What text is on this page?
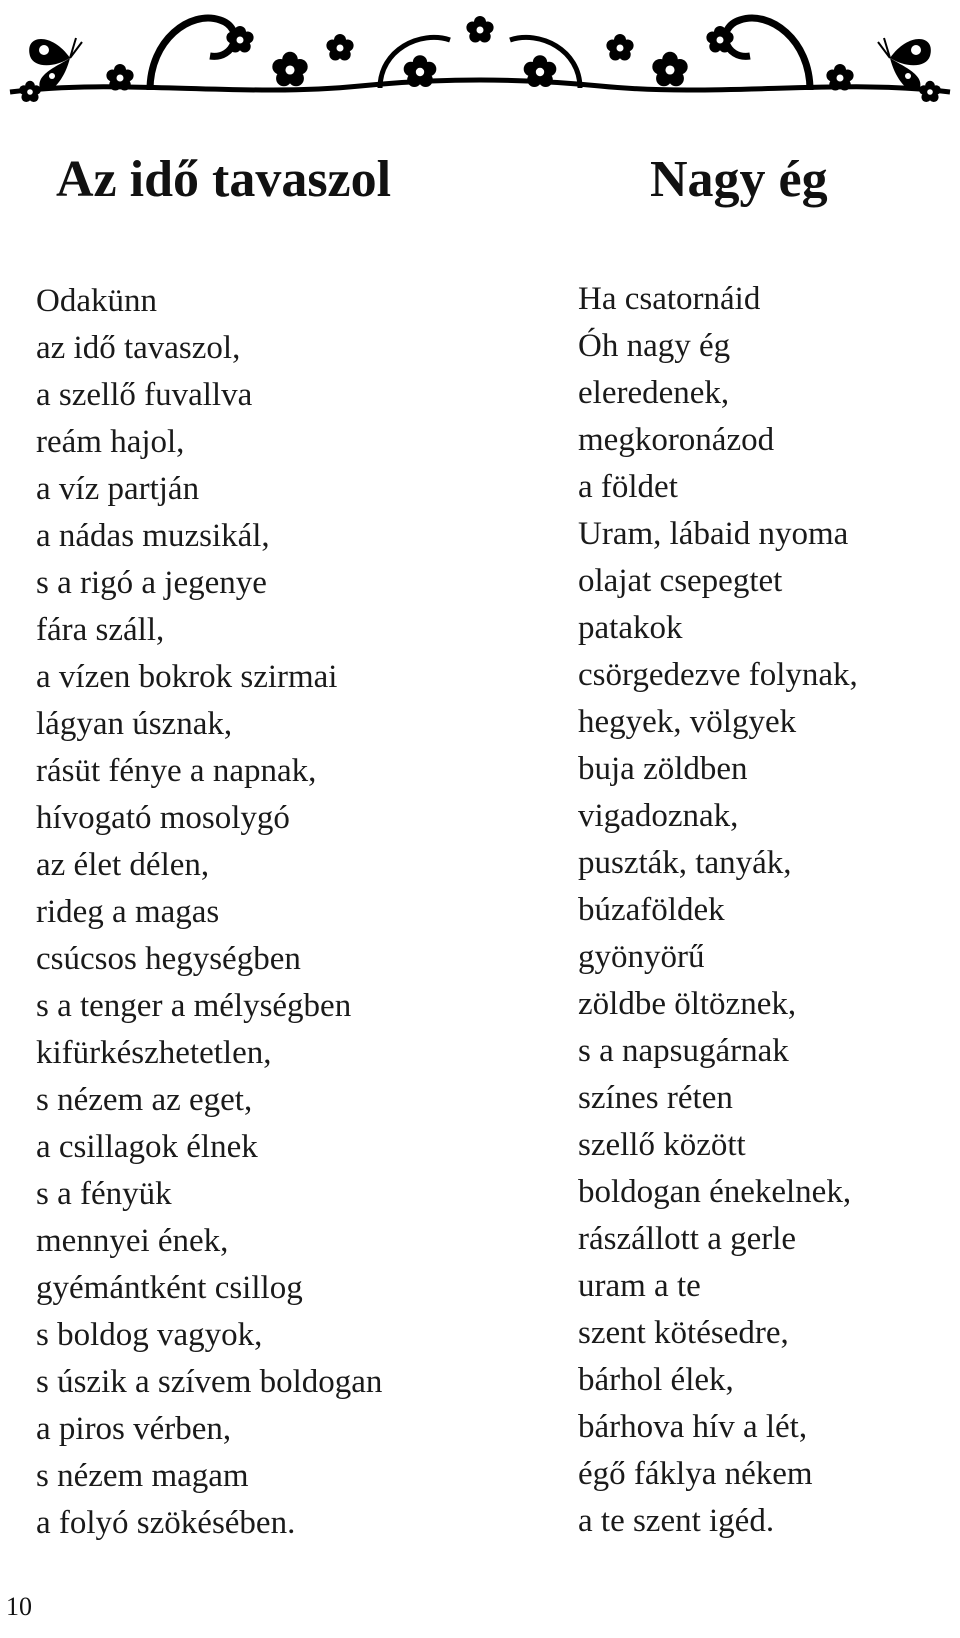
Az idő tavaszol
Odakünn
az idő tavaszol,
a szellő fuvallva
reám hajol,
a víz partján
a nádas muzsikál,
s a rigó a jegenye
fára száll,
a vízen bokrok szirmai
lágyan úsznak,
rásüt fénye a napnak,
hívogató mosolygó
az élet délen,
rideg a magas
csúcsos hegységben
s a tenger a mélységben
kifürkészhetetlen,
s nézem az eget,
a csillagok élnek
s a fényük
mennyei ének,
gyémántként csillog
s boldog vagyok,
s úszik a szívem boldogan
a piros vérben,
s nézem magam
a folyó szökésében.
Nagy ég
Ha csatornáid
Óh nagy ég
eleredenek,
megkoronázod
a földet
Uram, lábaid nyoma
olajat csepegtet
patakok
csörgedezve folynak,
hegyek, völgyek
buja zöldben
vigadoznak,
puszták, tanyák,
búzaföldek
gyönyörű
zöldbe öltöznek,
s a napsugárnak
színes réten
szellő között
boldogan énekelnek,
rászállott a gerle
uram a te
szent kötésedre,
bárhol élek,
bárhova hív a lét,
égő fáklya nékem
a te szent igéd.
10
